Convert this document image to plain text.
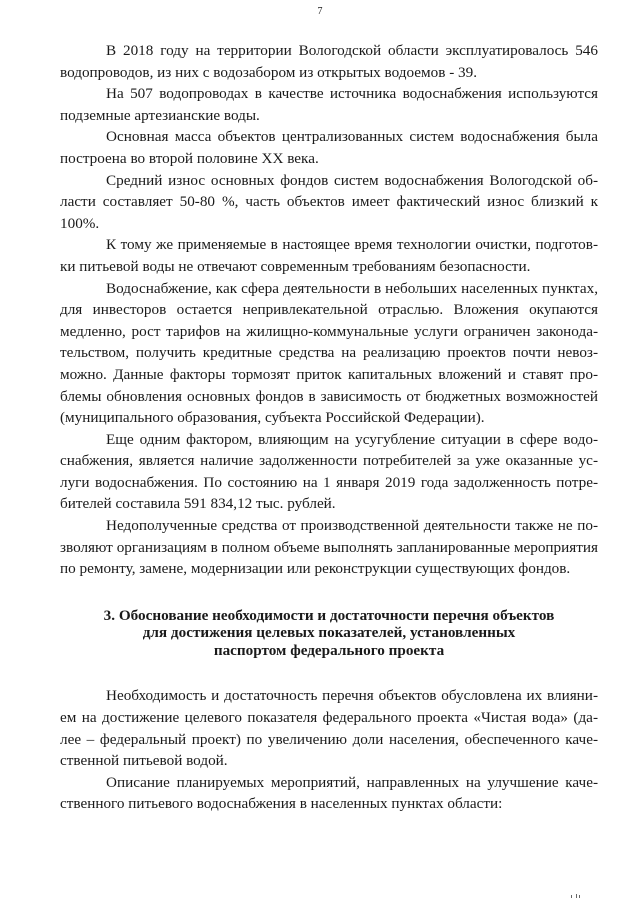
7

В 2018 году на территории Вологодской области эксплуатировалось 546 водопроводов, из них с водозабором из открытых водоемов - 39.

На 507 водопроводах в качестве источника водоснабжения используются подземные артезианские воды.

Основная масса объектов централизованных систем водоснабжения была построена во второй половине XX века.

Средний износ основных фондов систем водоснабжения Вологодской области составляет 50-80 %, часть объектов имеет фактический износ близкий к 100%.

К тому же применяемые в настоящее время технологии очистки, подготовки питьевой воды не отвечают современным требованиям безопасности.

Водоснабжение, как сфера деятельности в небольших населенных пунктах, для инвесторов остается непривлекательной отраслью. Вложения окупаются медленно, рост тарифов на жилищно-коммунальные услуги ограничен законодательством, получить кредитные средства на реализацию проектов почти невозможно. Данные факторы тормозят приток капитальных вложений и ставят проблемы обновления основных фондов в зависимость от бюджетных возможностей (муниципального образования, субъекта Российской Федерации).

Еще одним фактором, влияющим на усугубление ситуации в сфере водоснабжения, является наличие задолженности потребителей за уже оказанные услуги водоснабжения. По состоянию на 1 января 2019 года задолженность потребителей составила 591 834,12 тыс. рублей.

Недополученные средства от производственной деятельности также не позволяют организациям в полном объеме выполнять запланированные мероприятия по ремонту, замене, модернизации или реконструкции существующих фондов.

3. Обоснование необходимости и достаточности перечня объектов
для достижения целевых показателей, установленных
паспортом федерального проекта

Необходимость и достаточность перечня объектов обусловлена их влиянием на достижение целевого показателя федерального проекта «Чистая вода» (далее – федеральный проект) по увеличению доли населения, обеспеченного качественной питьевой водой.

Описание планируемых мероприятий, направленных на улучшение качественного питьевого водоснабжения в населенных пунктах области:
